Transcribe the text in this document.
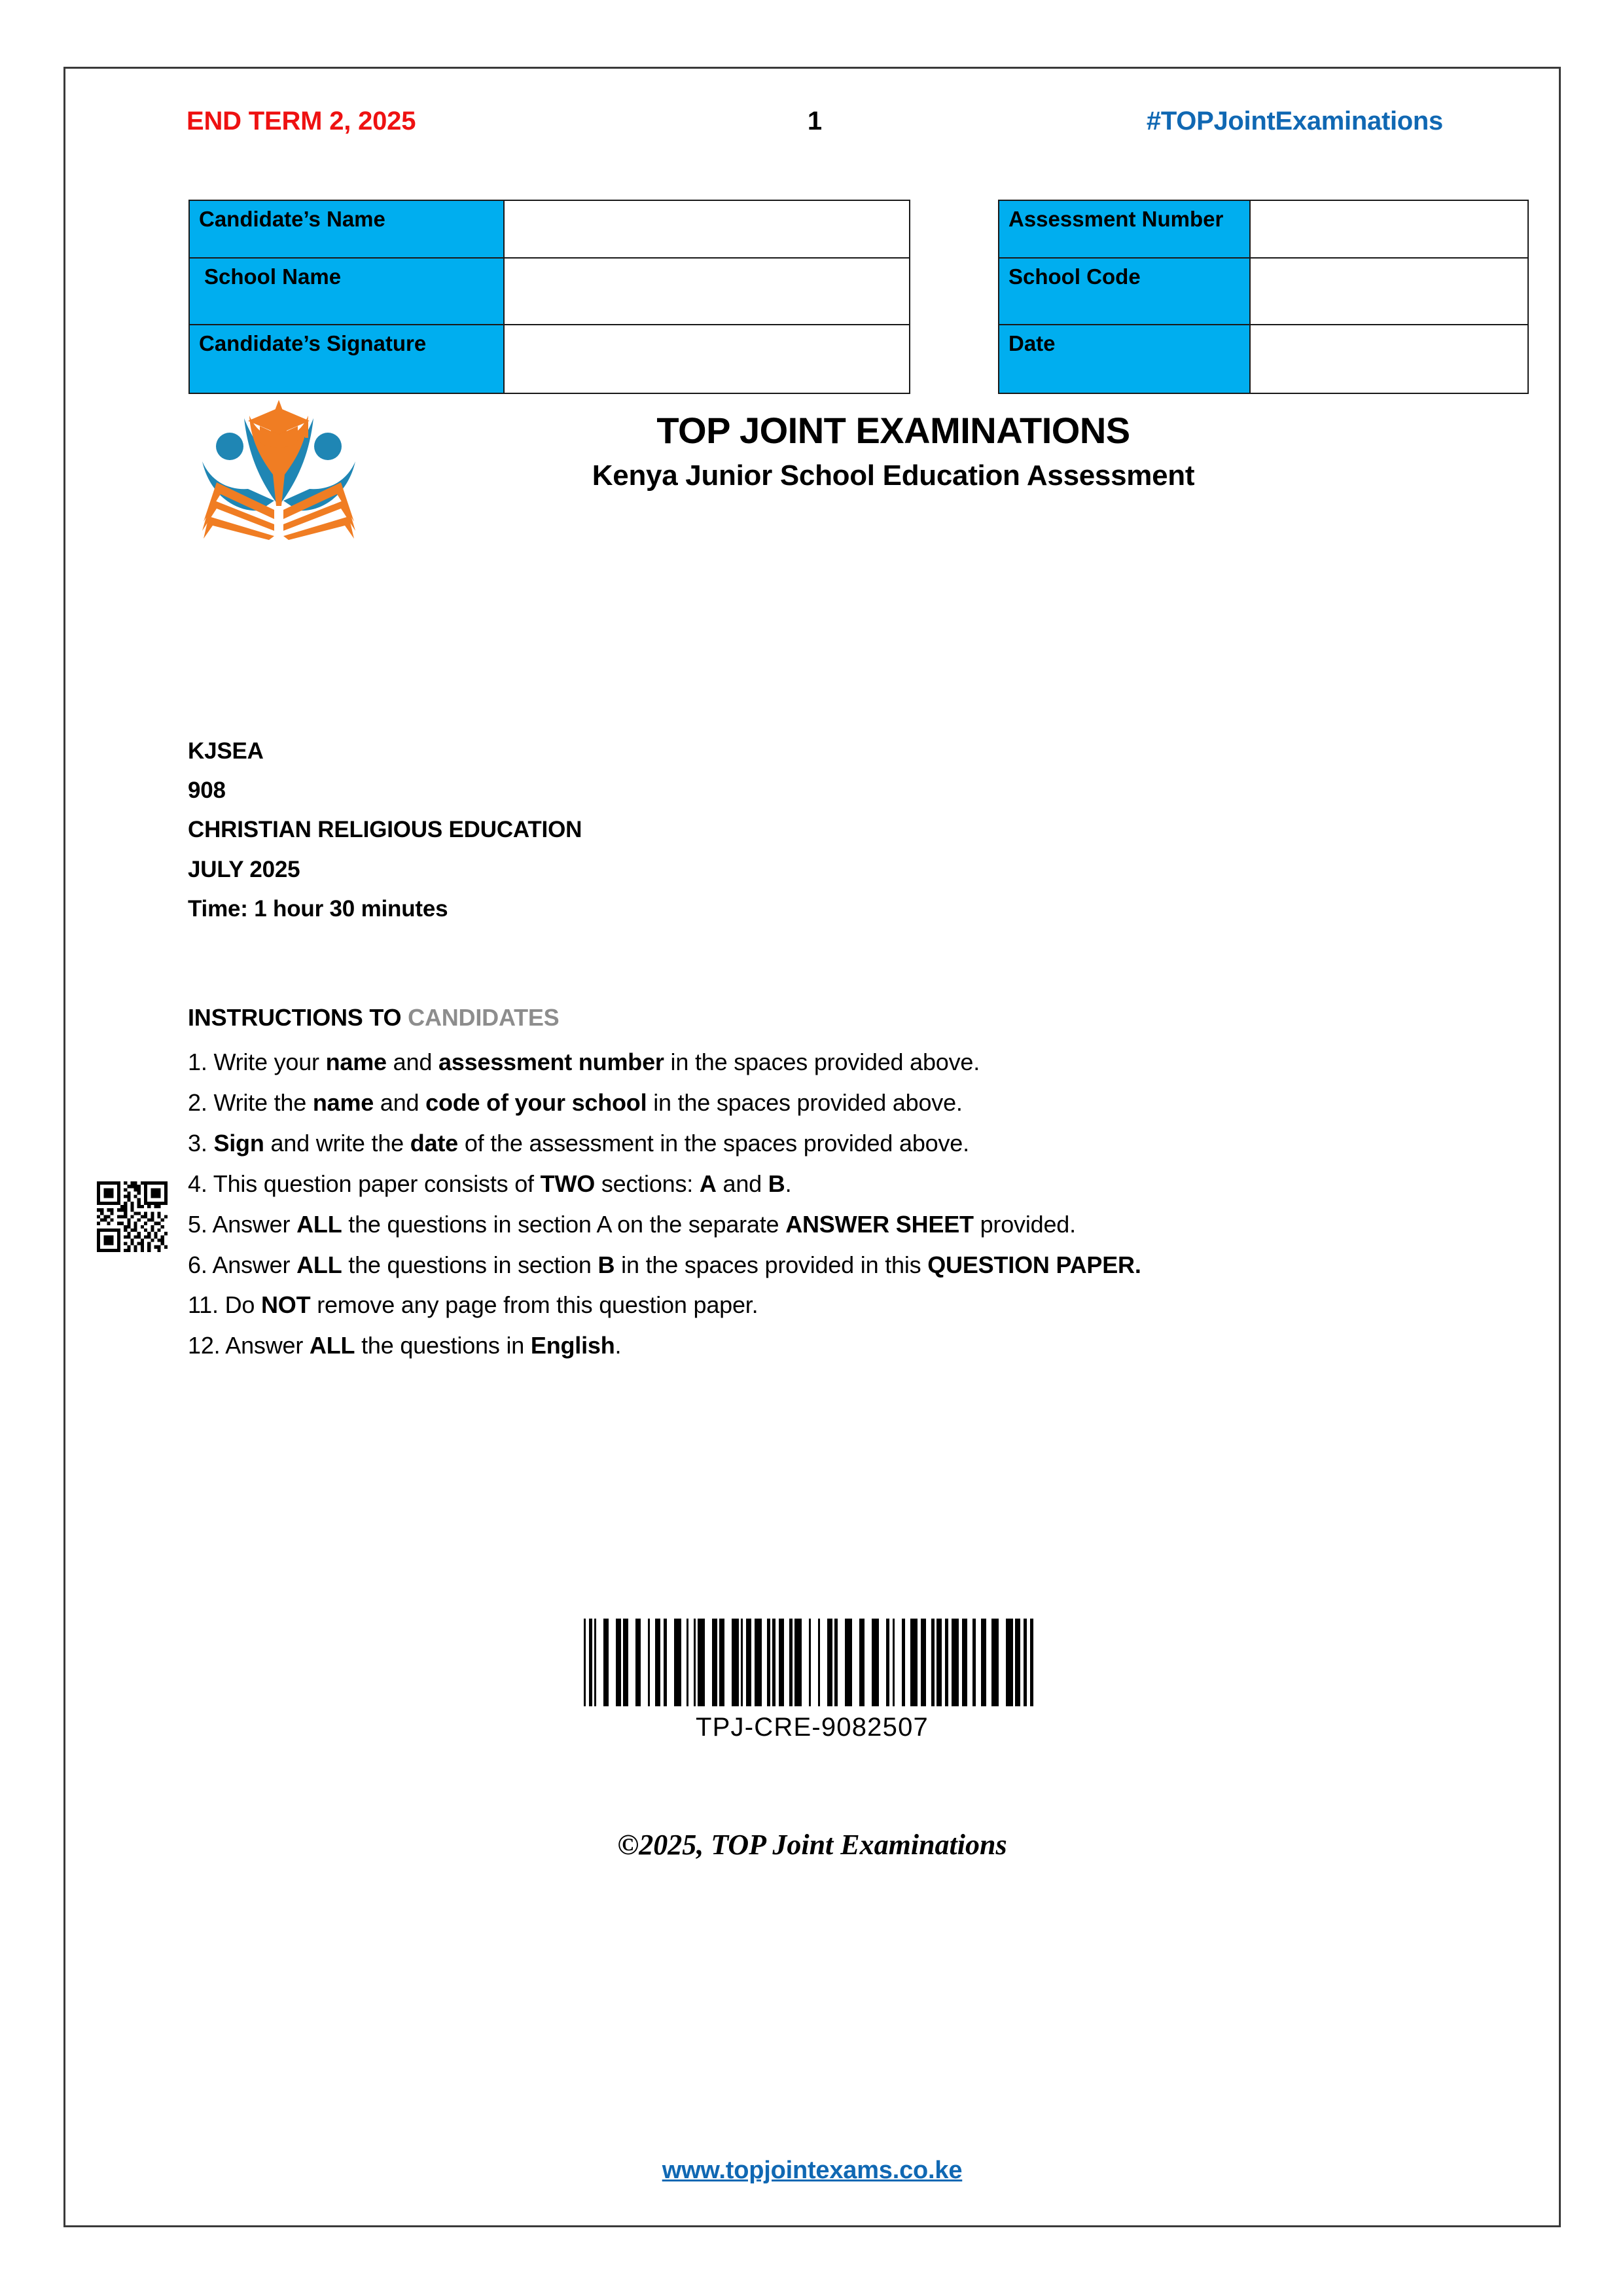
END TERM 2, 2025	1	#TOPJointExaminations
Candidate’s Name	
School Name	
Candidate’s Signature	
Assessment Number	
School Code	
Date	
TOP JOINT EXAMINATIONS
Kenya Junior School Education Assessment
KJSEA
908
CHRISTIAN RELIGIOUS EDUCATION
JULY 2025
Time: 1 hour 30 minutes
INSTRUCTIONS TO CANDIDATES
1. Write your name and assessment number in the spaces provided above.
2. Write the name and code of your school in the spaces provided above.
3. Sign and write the date of the assessment in the spaces provided above.
4. This question paper consists of TWO sections: A and B.
5. Answer ALL the questions in section A on the separate ANSWER SHEET provided.
6. Answer ALL the questions in section B in the spaces provided in this QUESTION PAPER.
11. Do NOT remove any page from this question paper.
12. Answer ALL the questions in English.
TPJ-CRE-9082507
©2025, TOP Joint Examinations
www.topjointexams.co.ke
